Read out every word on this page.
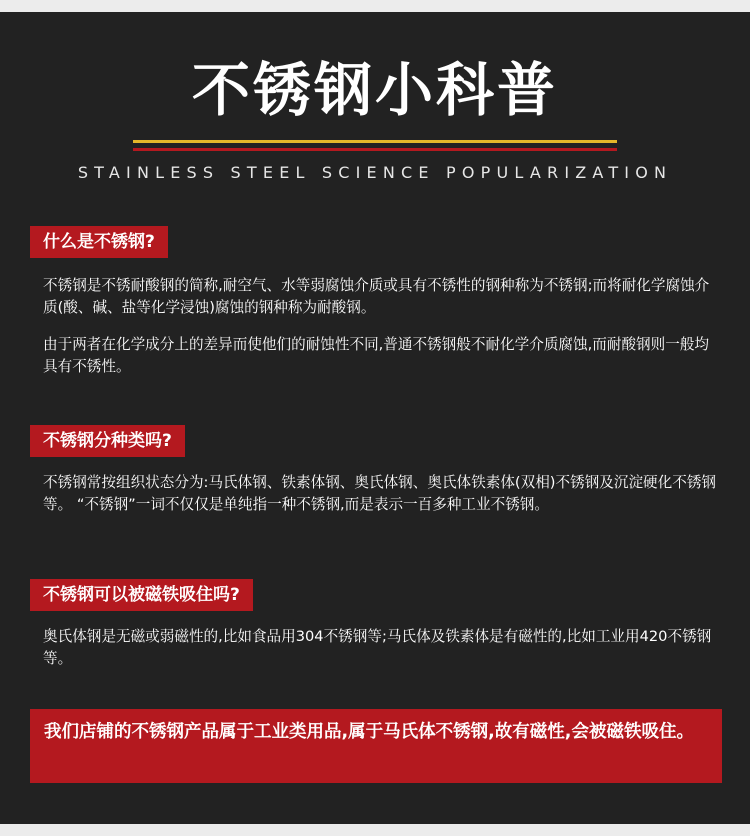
不锈钢小科普
STAINLESS STEEL SCIENCE POPULARIZATION
什么是不锈钢?

不锈钢是不锈耐酸钢的简称,耐空气、水等弱腐蚀介质或具有不锈性的钢种称为不锈钢;而将耐化学腐蚀介质(酸、碱、盐等化学浸蚀)腐蚀的钢种称为耐酸钢。

由于两者在化学成分上的差异而使他们的耐蚀性不同,普通不锈钢般不耐化学介质腐蚀,而耐酸钢则一般均具有不锈性。

不锈钢分种类吗?

不锈钢常按组织状态分为:马氏体钢、铁素体钢、奥氏体钢、奥氏体铁素体(双相)不锈钢及沉淀硬化不锈钢等。 “不锈钢”一词不仅仅是单纯指一种不锈钢,而是表示一百多种工业不锈钢。

不锈钢可以被磁铁吸住吗?

奥氏体钢是无磁或弱磁性的,比如食品用304不锈钢等;马氏体及铁素体是有磁性的,比如工业用420不锈钢等。

我们店铺的不锈钢产品属于工业类用品,属于马氏体不锈钢,故有磁性,会被磁铁吸住。
